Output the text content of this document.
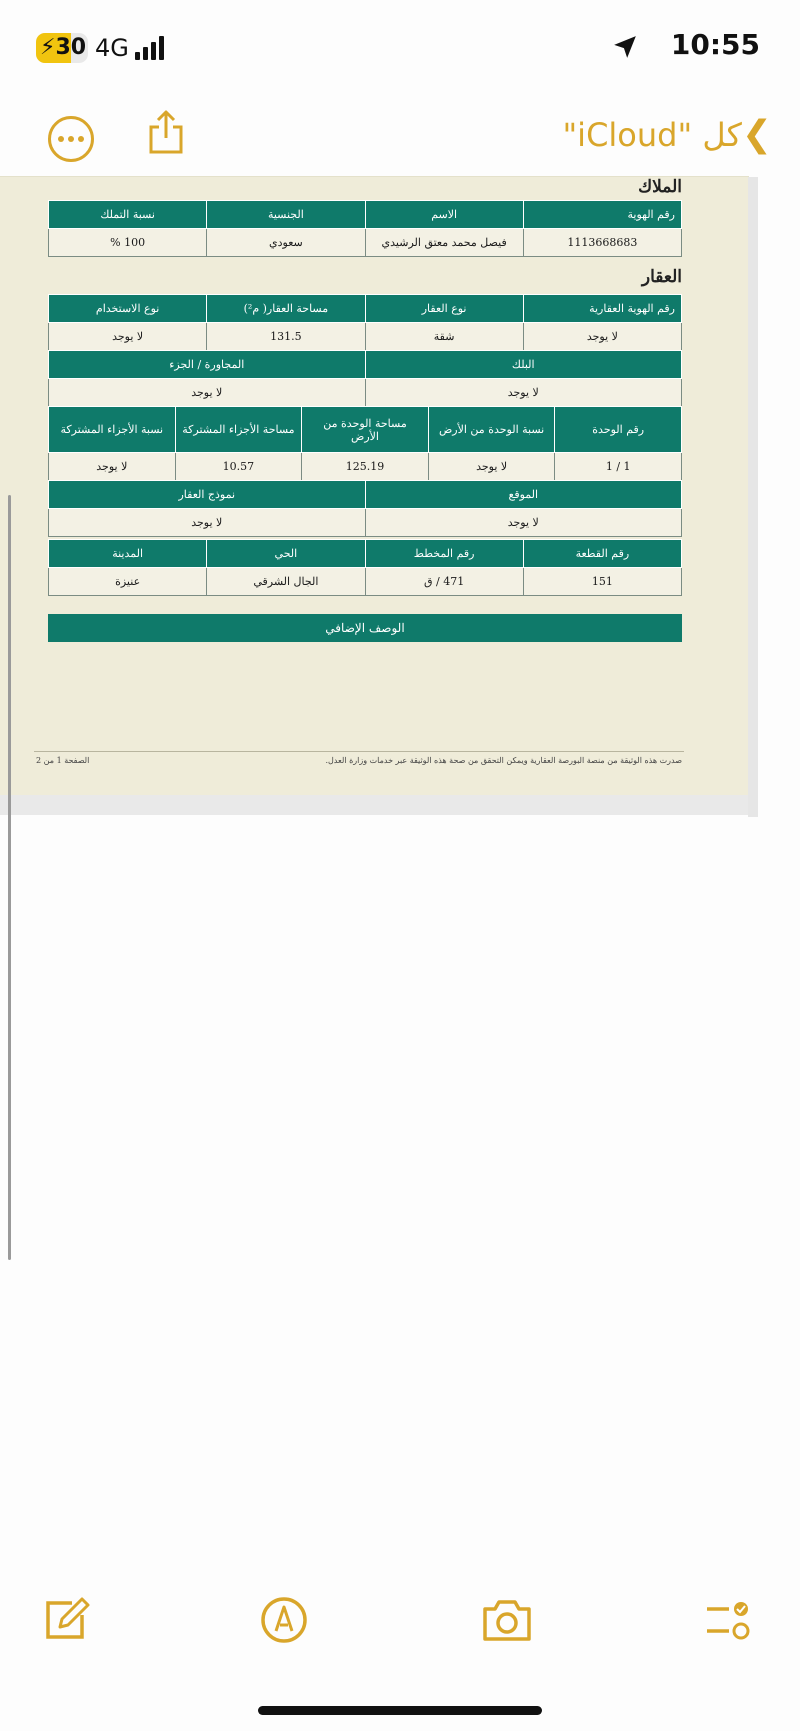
⚡30 4G	10:55
❯كل "iCloud"
الملاك
رقم الهوية	الاسم	الجنسية	نسبة التملك
1113668683	فيصل محمد معتق الرشيدي	سعودي	100 %
العقار
رقم الهوية العقارية	نوع العقار	مساحة العقار( م²)	نوع الاستخدام
لا يوجد	شقة	131.5	لا يوجد
البلك	المجاورة / الجزء
لا يوجد	لا يوجد
رقم الوحدة	نسبة الوحدة من الأرض	مساحة الوحدة من الأرض	مساحة الأجزاء المشتركة	نسبة الأجزاء المشتركة
1 / 1	لا يوجد	125.19	10.57	لا يوجد
الموقع	نموذج العقار
لا يوجد	لا يوجد
رقم القطعة	رقم المخطط	الحي	المدينة
151	471 / ق	الجال الشرقي	عنيزة
الوصف الإضافي
صدرت هذه الوثيقة من منصة البورصة العقارية ويمكن التحقق من صحة هذه الوثيقة عبر خدمات وزارة العدل.
الصفحة 1 من 2
